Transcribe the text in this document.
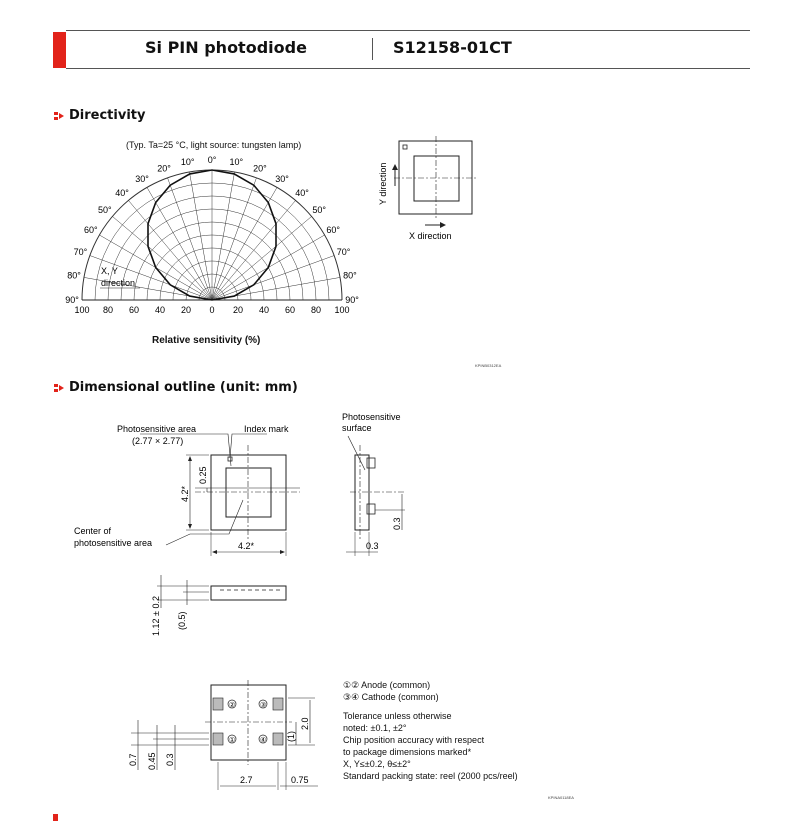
Si PIN photodiode	S12158-01CT
Directivity
(Typ. Ta=25 °C, light source: tungsten lamp)
0° 10°
10°
20°
20°
30°
30°
40°
40°
50°
50°
60°
60°
70°
70°
80°
80°
90°
90°
100 80 60 40 20 0 20 40 60 80 100
X, Y
direction
Relative sensitivity (%)
Y direction
X direction
KPINB0312EA
Dimensional outline (unit: mm)
②	③
①	④
Photosensitive area
(2.77 × 2.77)
Index mark
Photosensitive
surface
Center of
photosensitive area
4.2*
4.2*
0.25
0.3
0.3
1.12 ± 0.2 (0.5)
2.0
(1)
2.7	0.75
0.7 0.45 0.3
①② Anode (common)
③④ Cathode (common)
Tolerance unless otherwise
noted: ±0.1, ±2°
Chip position accuracy with respect
to package dimensions marked*
X, Y≤±0.2, θ≤±2°
Standard packing state: reel (2000 pcs/reel)
KPINA0118EA
